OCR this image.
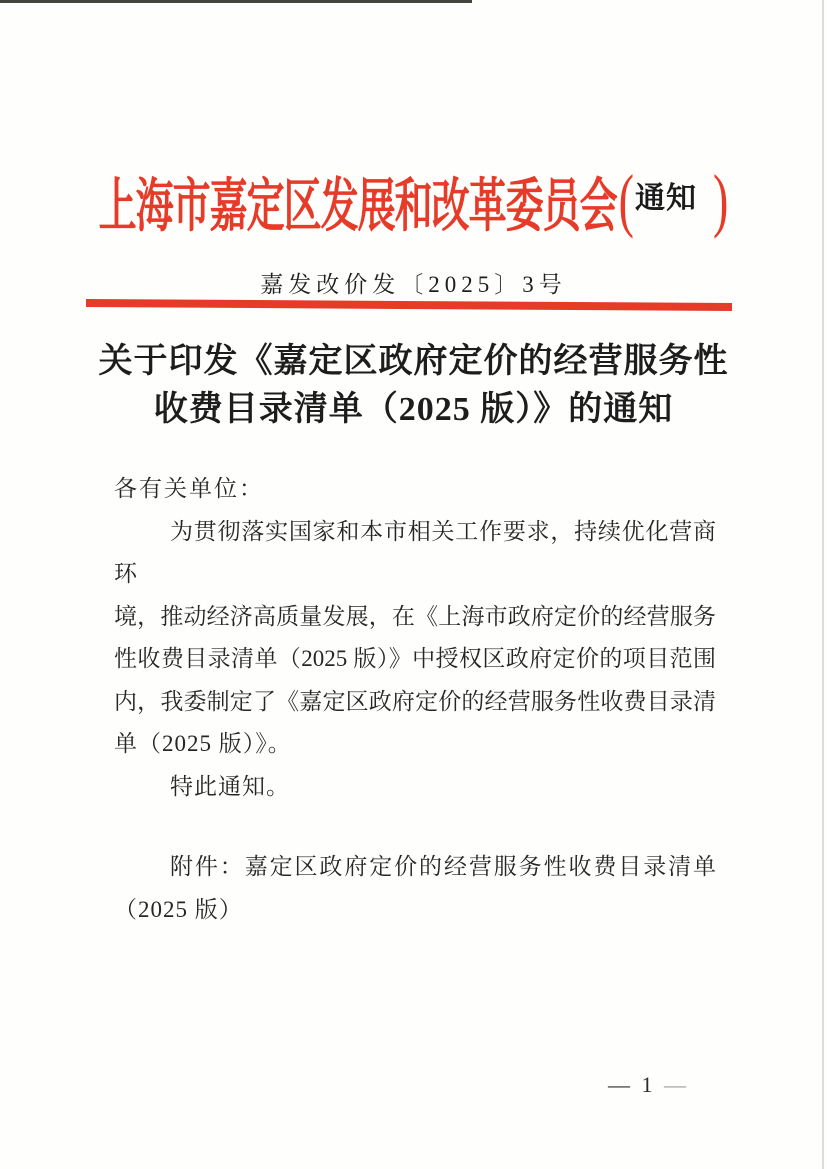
上海市嘉定区发展和改革委员会 ( 通知 )
嘉发改价发〔2025〕3号
关于印发《嘉定区政府定价的经营服务性
收费目录清单（2025 版）》的通知
各有关单位：
为贯彻落实国家和本市相关工作要求，持续优化营商环
境，推动经济高质量发展，在《上海市政府定价的经营服务
性收费目录清单（2025 版）》中授权区政府定价的项目范围
内，我委制定了《嘉定区政府定价的经营服务性收费目录清
单（2025 版）》。
特此通知。
附件：嘉定区政府定价的经营服务性收费目录清单
（2025 版）
— 1 —
